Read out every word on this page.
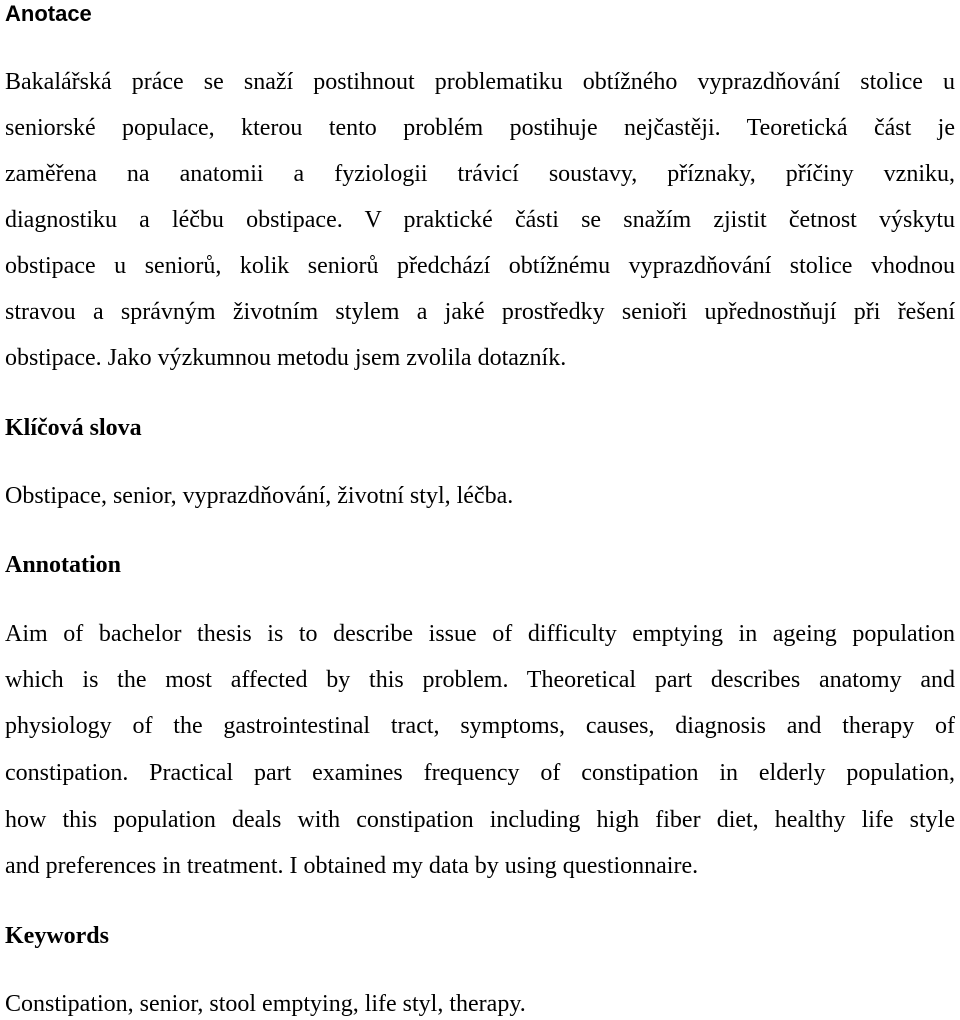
Anotace

Bakalářská práce se snaží postihnout problematiku obtížného vyprazdňování stolice u

seniorské populace, kterou tento problém postihuje nejčastěji. Teoretická část je

zaměřena na anatomii a fyziologii trávicí soustavy, příznaky, příčiny vzniku,

diagnostiku a léčbu obstipace. V praktické části se snažím zjistit četnost výskytu

obstipace u seniorů, kolik seniorů předchází obtížnému vyprazdňování stolice vhodnou

stravou a správným životním stylem a jaké prostředky senioři upřednostňují při řešení

obstipace. Jako výzkumnou metodu jsem zvolila dotazník.

Klíčová slova

Obstipace, senior, vyprazdňování, životní styl, léčba.

Annotation

Aim of bachelor thesis is to describe issue of difficulty emptying in ageing population

which is the most affected by this problem. Theoretical part describes anatomy and

physiology of the gastrointestinal tract, symptoms, causes, diagnosis and therapy of

constipation. Practical part examines frequency of constipation in elderly population,

how this population deals with constipation including high fiber diet, healthy life style

and preferences in treatment. I obtained my data by using questionnaire.

Keywords

Constipation, senior, stool emptying, life styl, therapy.
